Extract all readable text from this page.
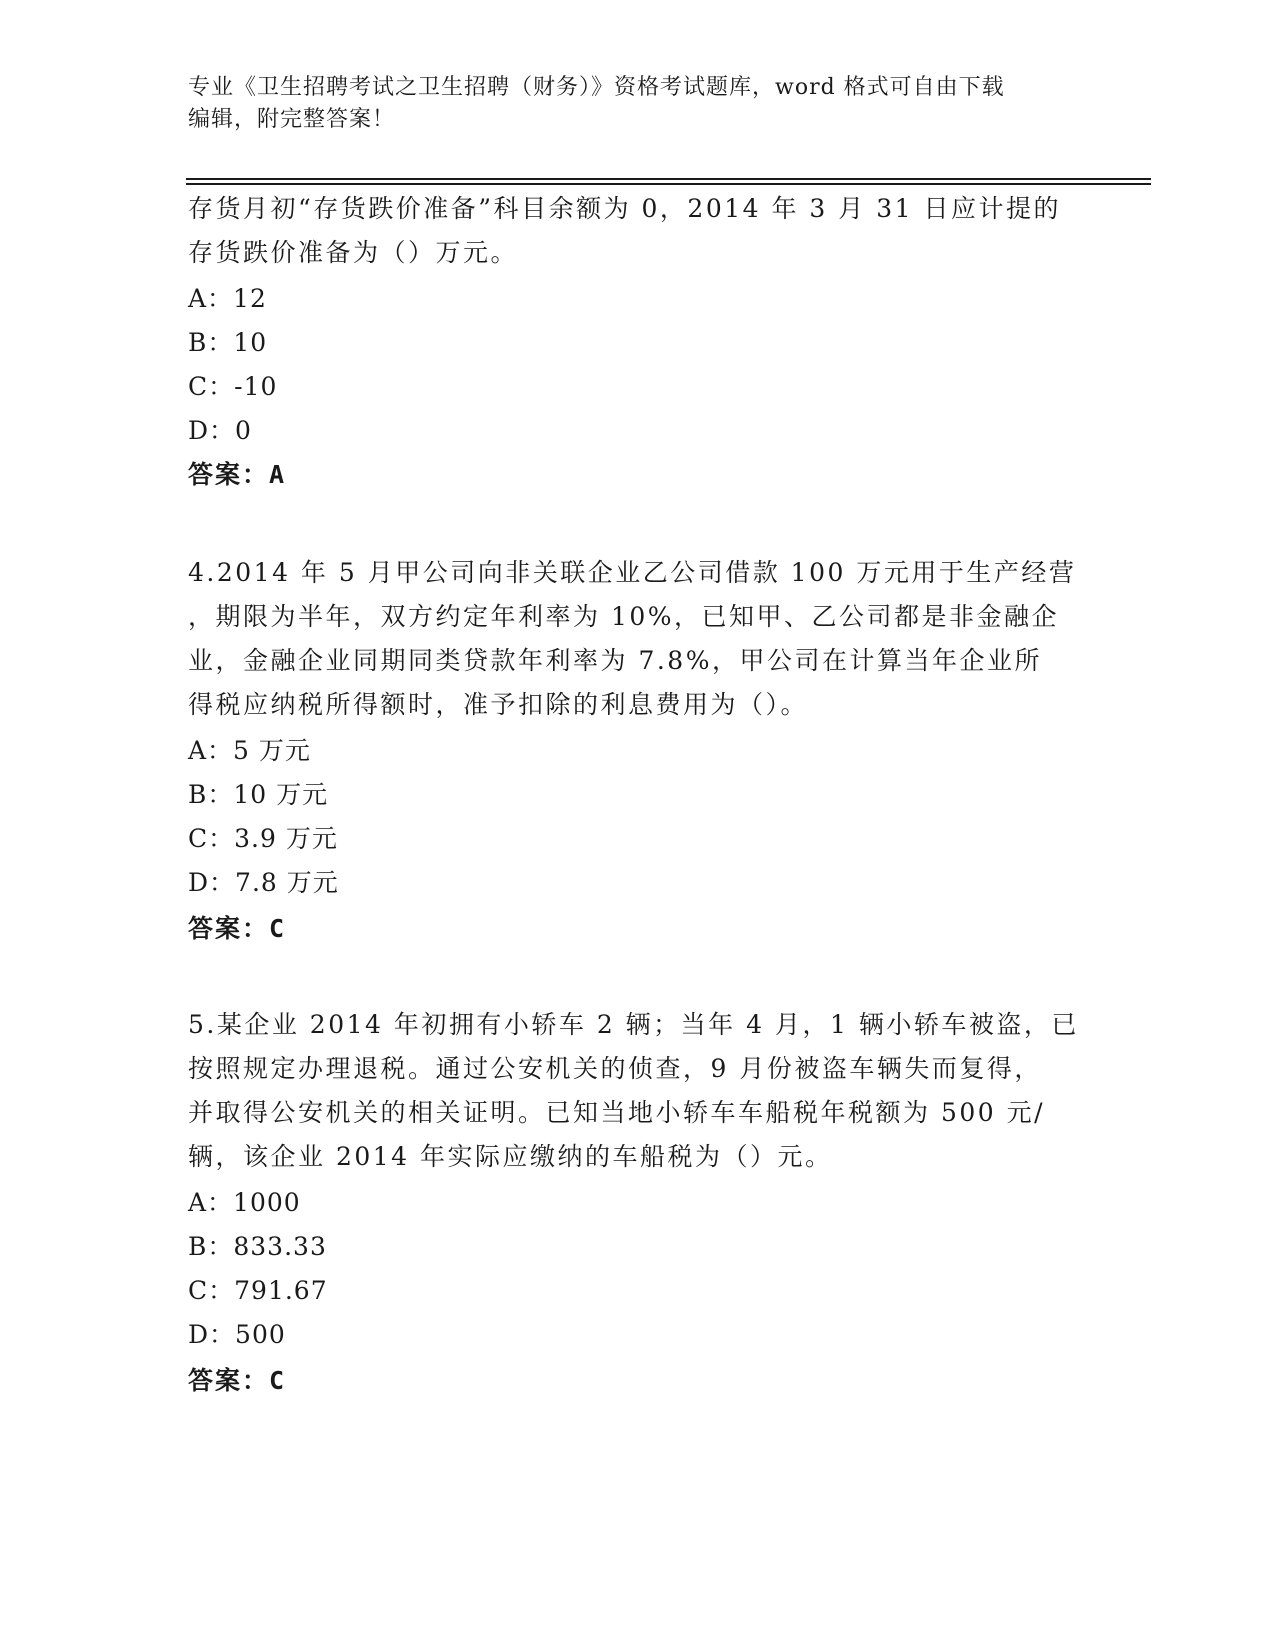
专业《卫生招聘考试之卫生招聘（财务）》资格考试题库，word 格式可自由下载
编辑，附完整答案！
存货月初“存货跌价准备”科目余额为 0，2014 年 3 月 31 日应计提的
存货跌价准备为（）万元。
A：12
B：10
C：-10
D：0
答案：A
4.2014 年 5 月甲公司向非关联企业乙公司借款 100 万元用于生产经营
，期限为半年，双方约定年利率为 10%，已知甲、乙公司都是非金融企
业，金融企业同期同类贷款年利率为 7.8%，甲公司在计算当年企业所
得税应纳税所得额时，准予扣除的利息费用为（）。
A：5 万元
B：10 万元
C：3.9 万元
D：7.8 万元
答案：C
5.某企业 2014 年初拥有小轿车 2 辆；当年 4 月，1 辆小轿车被盗，已
按照规定办理退税。通过公安机关的侦查，9 月份被盗车辆失而复得，
并取得公安机关的相关证明。已知当地小轿车车船税年税额为 500 元/
辆，该企业 2014 年实际应缴纳的车船税为（）元。
A：1000
B：833.33
C：791.67
D：500
答案：C
